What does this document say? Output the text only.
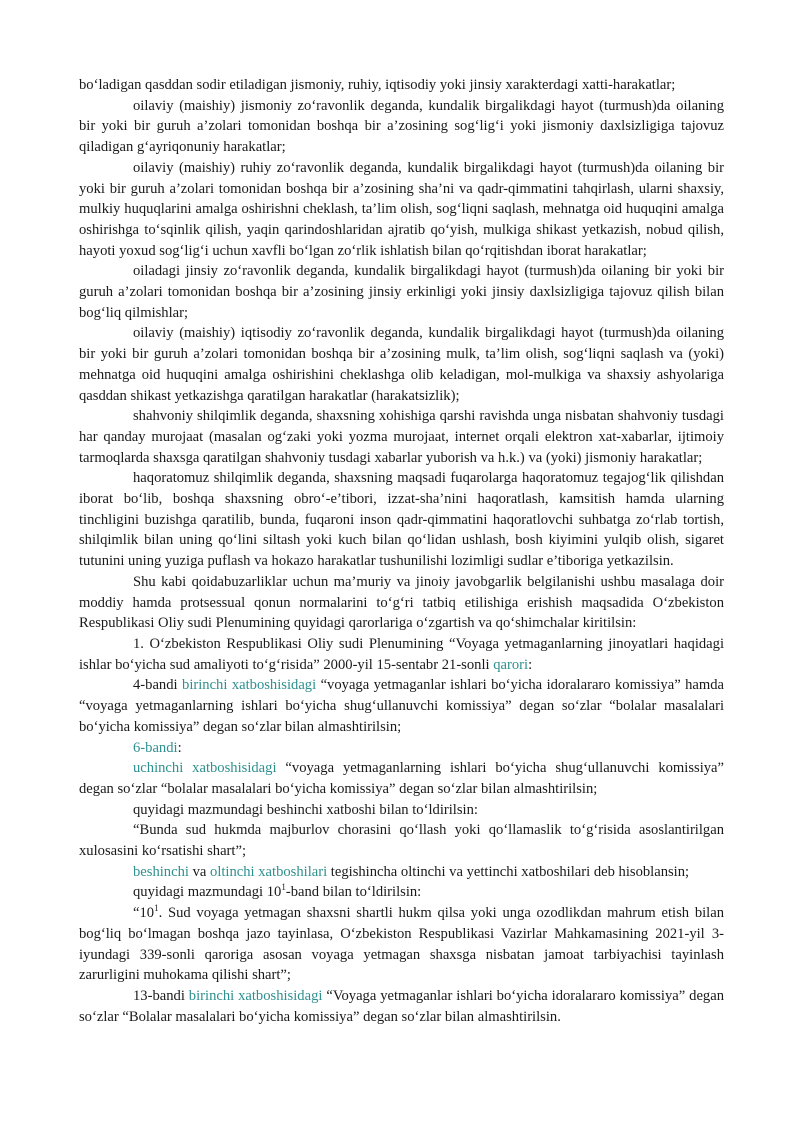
bo‘ladigan qasddan sodir etiladigan jismoniy, ruhiy, iqtisodiy yoki jinsiy xarakterdagi xatti-harakatlar;

oilaviy (maishiy) jismoniy zo‘ravonlik deganda, kundalik birgalikdagi hayot (turmush)da oilaning bir yoki bir guruh a’zolari tomonidan boshqa bir a’zosining sog‘lig‘i yoki jismoniy daxlsizligiga tajovuz qiladigan g‘ayriqonuniy harakatlar;

oilaviy (maishiy) ruhiy zo‘ravonlik deganda, kundalik birgalikdagi hayot (turmush)da oilaning bir yoki bir guruh a’zolari tomonidan boshqa bir a’zosining sha’ni va qadr-qimmatini tahqirlash, ularni shaxsiy, mulkiy huquqlarini amalga oshirishni cheklash, ta’lim olish, sog‘liqni saqlash, mehnatga oid huquqini amalga oshirishga to‘sqinlik qilish, yaqin qarindoshlaridan ajratib qo‘yish, mulkiga shikast yetkazish, nobud qilish, hayoti yoxud sog‘lig‘i uchun xavfli bo‘lgan zo‘rlik ishlatish bilan qo‘rqitishdan iborat harakatlar;

oiladagi jinsiy zo‘ravonlik deganda, kundalik birgalikdagi hayot (turmush)da oilaning bir yoki bir guruh a’zolari tomonidan boshqa bir a’zosining jinsiy erkinligi yoki jinsiy daxlsizligiga tajovuz qilish bilan bog‘liq qilmishlar;

oilaviy (maishiy) iqtisodiy zo‘ravonlik deganda, kundalik birgalikdagi hayot (turmush)da oilaning bir yoki bir guruh a’zolari tomonidan boshqa bir a’zosining mulk, ta’lim olish, sog‘liqni saqlash va (yoki) mehnatga oid huquqini amalga oshirishini cheklashga olib keladigan, mol-mulkiga va shaxsiy ashyolariga qasddan shikast yetkazishga qaratilgan harakatlar (harakatsizlik);

shahvoniy shilqimlik deganda, shaxsning xohishiga qarshi ravishda unga nisbatan shahvoniy tusdagi har qanday murojaat (masalan og‘zaki yoki yozma murojaat, internet orqali elektron xat-xabarlar, ijtimoiy tarmoqlarda shaxsga qaratilgan shahvoniy tusdagi xabarlar yuborish va h.k.) va (yoki) jismoniy harakatlar;

haqoratomuz shilqimlik deganda, shaxsning maqsadi fuqarolarga haqoratomuz tegajog‘lik qilishdan iborat bo‘lib, boshqa shaxsning obro‘-e’tibori, izzat-sha’nini haqoratlash, kamsitish hamda ularning tinchligini buzishga qaratilib, bunda, fuqaroni inson qadr-qimmatini haqoratlovchi suhbatga zo‘rlab tortish, shilqimlik bilan uning qo‘lini siltash yoki kuch bilan qo‘lidan ushlash, bosh kiyimini yulqib olish, sigaret tutunini uning yuziga puflash va hokazo harakatlar tushunilishi lozimligi sudlar e’tiboriga yetkazilsin.

Shu kabi qoidabuzarliklar uchun ma’muriy va jinoiy javobgarlik belgilanishi ushbu masalaga doir moddiy hamda protsessual qonun normalarini to‘g‘ri tatbiq etilishiga erishish maqsadida O‘zbekiston Respublikasi Oliy sudi Plenumining quyidagi qarorlariga o‘zgartish va qo‘shimchalar kiritilsin:

1. O‘zbekiston Respublikasi Oliy sudi Plenumining “Voyaga yetmaganlarning jinoyatlari haqidagi ishlar bo‘yicha sud amaliyoti to‘g‘risida” 2000-yil 15-sentabr 21-sonli qarori:

4-bandi birinchi xatboshisidagi “voyaga yetmaganlar ishlari bo‘yicha idoralararo komissiya” hamda “voyaga yetmaganlarning ishlari bo‘yicha shug‘ullanuvchi komissiya” degan so‘zlar “bolalar masalalari bo‘yicha komissiya” degan so‘zlar bilan almashtirilsin;

6-bandi:

uchinchi xatboshisidagi “voyaga yetmaganlarning ishlari bo‘yicha shug‘ullanuvchi komissiya” degan so‘zlar “bolalar masalalari bo‘yicha komissiya” degan so‘zlar bilan almashtirilsin;

quyidagi mazmundagi beshinchi xatboshi bilan to‘ldirilsin:

“Bunda sud hukmda majburlov chorasini qo‘llash yoki qo‘llamaslik to‘g‘risida asoslantirilgan xulosasini ko‘rsatishi shart”;

beshinchi va oltinchi xatboshilari tegishincha oltinchi va yettinchi xatboshilari deb hisoblansin;

quyidagi mazmundagi $10^1$-band bilan to‘ldirilsin:

“$10^1$. Sud voyaga yetmagan shaxsni shartli hukm qilsa yoki unga ozodlikdan mahrum etish bilan bog‘liq bo‘lmagan boshqa jazo tayinlasa, O‘zbekiston Respublikasi Vazirlar Mahkamasining 2021-yil 3-iyundagi 339-sonli qaroriga asosan voyaga yetmagan shaxsga nisbatan jamoat tarbiyachisi tayinlash zarurligini muhokama qilishi shart”;

13-bandi birinchi xatboshisidagi “Voyaga yetmaganlar ishlari bo‘yicha idoralararo komissiya” degan so‘zlar “Bolalar masalalari bo‘yicha komissiya” degan so‘zlar bilan almashtirilsin.
